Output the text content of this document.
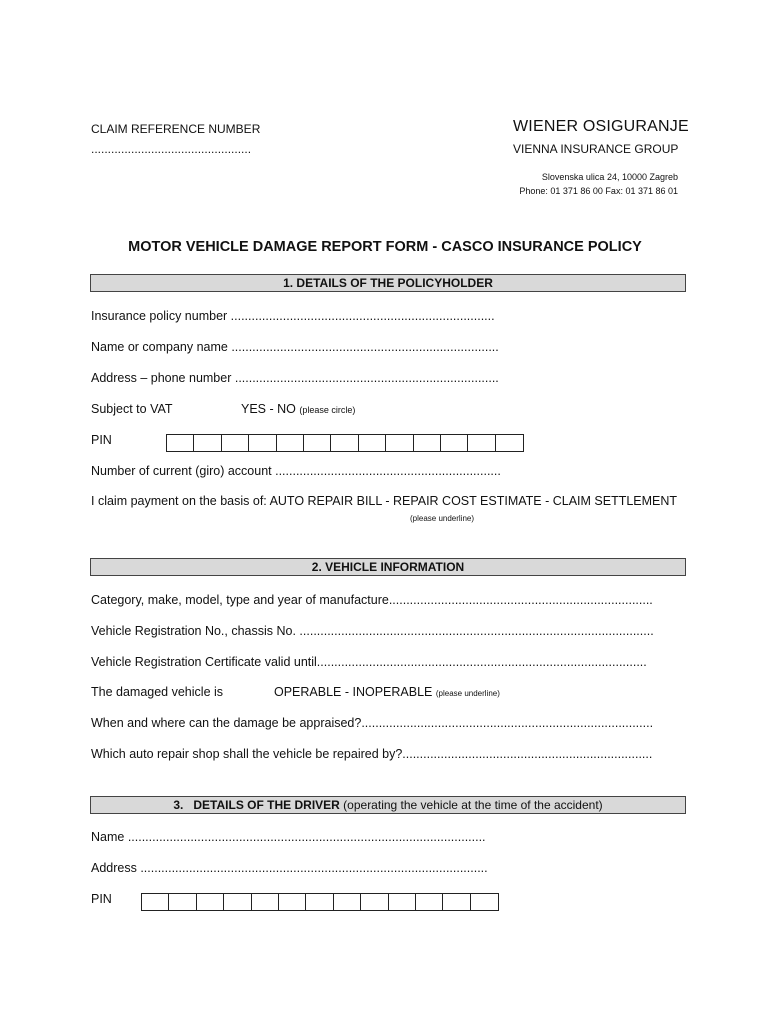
CLAIM REFERENCE NUMBER
................................................
WIENER OSIGURANJE
VIENNA INSURANCE GROUP
Slovenska ulica 24, 10000 Zagreb
Phone: 01 371 86 00 Fax: 01 371 86 01
MOTOR VEHICLE DAMAGE REPORT FORM - CASCO INSURANCE POLICY
1. DETAILS OF THE POLICYHOLDER
Insurance policy number ............................................................................
Name or company name .............................................................................
Address – phone number ............................................................................
Subject to VAT	YES - NO (please circle)
PIN
Number of current (giro) account .................................................................
I claim payment on the basis of: AUTO REPAIR BILL - REPAIR COST ESTIMATE - CLAIM SETTLEMENT
(please underline)
2. VEHICLE INFORMATION
Category, make, model, type and year of manufacture............................................................................
Vehicle Registration No., chassis No. ......................................................................................................
Vehicle Registration Certificate valid until...............................................................................................
The damaged vehicle is	OPERABLE - INOPERABLE (please underline)
When and where can the damage be appraised?....................................................................................
Which auto repair shop shall the vehicle be repaired by?........................................................................
3. DETAILS OF THE DRIVER (operating the vehicle at the time of the accident)
Name .......................................................................................................
Address ....................................................................................................
PIN
